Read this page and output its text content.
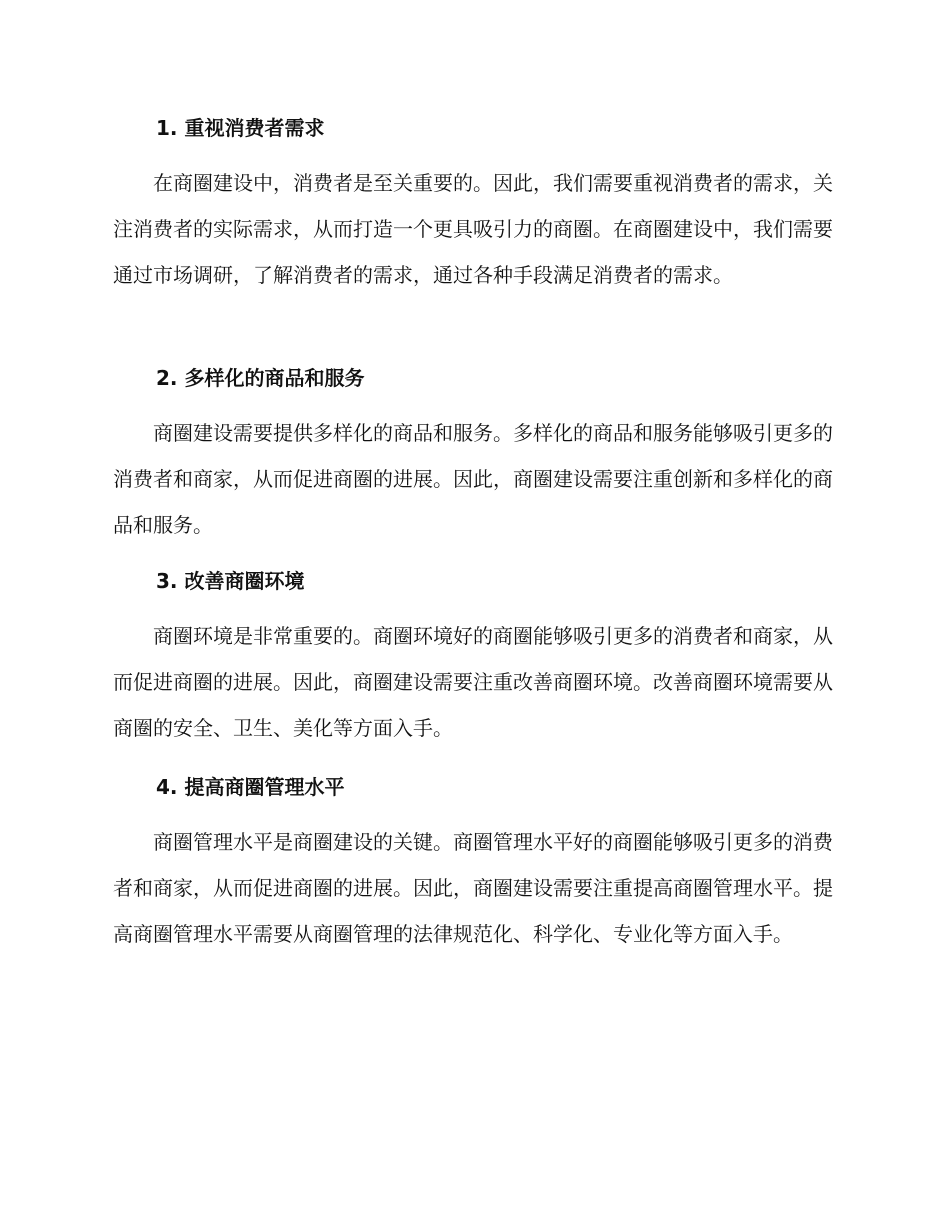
1. 重视消费者需求

在商圈建设中，消费者是至关重要的。因此，我们需要重视消费者的需求，关注消费者的实际需求，从而打造一个更具吸引力的商圈。在商圈建设中，我们需要通过市场调研，了解消费者的需求，通过各种手段满足消费者的需求。

2. 多样化的商品和服务

商圈建设需要提供多样化的商品和服务。多样化的商品和服务能够吸引更多的消费者和商家，从而促进商圈的进展。因此，商圈建设需要注重创新和多样化的商品和服务。

3. 改善商圈环境

商圈环境是非常重要的。商圈环境好的商圈能够吸引更多的消费者和商家，从而促进商圈的进展。因此，商圈建设需要注重改善商圈环境。改善商圈环境需要从商圈的安全、卫生、美化等方面入手。

4. 提高商圈管理水平

商圈管理水平是商圈建设的关键。商圈管理水平好的商圈能够吸引更多的消费者和商家，从而促进商圈的进展。因此，商圈建设需要注重提高商圈管理水平。提高商圈管理水平需要从商圈管理的法律规范化、科学化、专业化等方面入手。
